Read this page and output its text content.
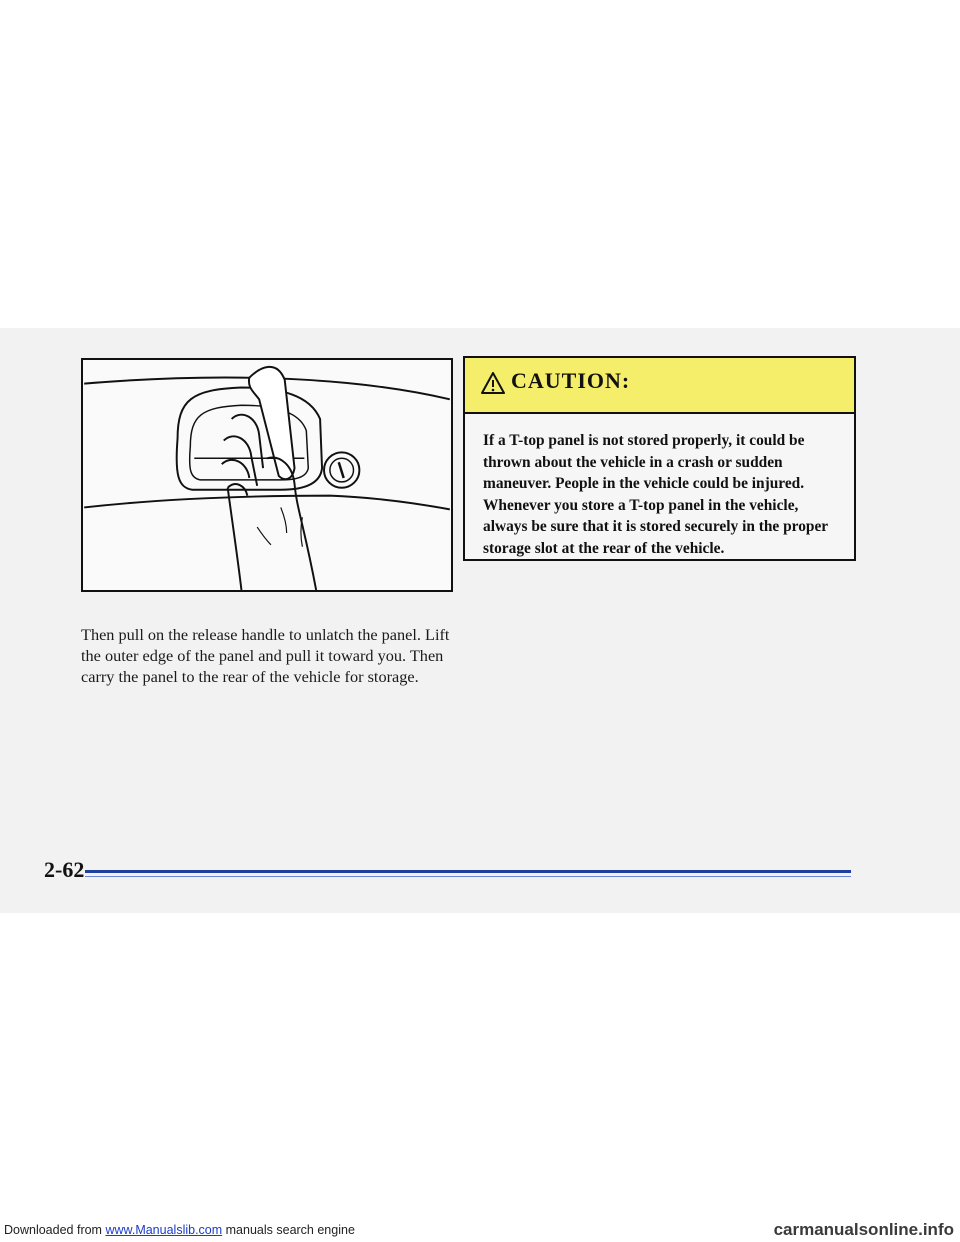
Then pull on the release handle to unlatch the panel. Lift the outer edge of the panel and pull it toward you. Then carry the panel to the rear of the vehicle for storage.
CAUTION:
If a T-top panel is not stored properly, it could be thrown about the vehicle in a crash or sudden maneuver. People in the vehicle could be injured. Whenever you store a T-top panel in the vehicle, always be sure that it is stored securely in the proper storage slot at the rear of the vehicle.
2-62
Downloaded from www.Manualslib.com manuals search engine	carmanualsonline.info
